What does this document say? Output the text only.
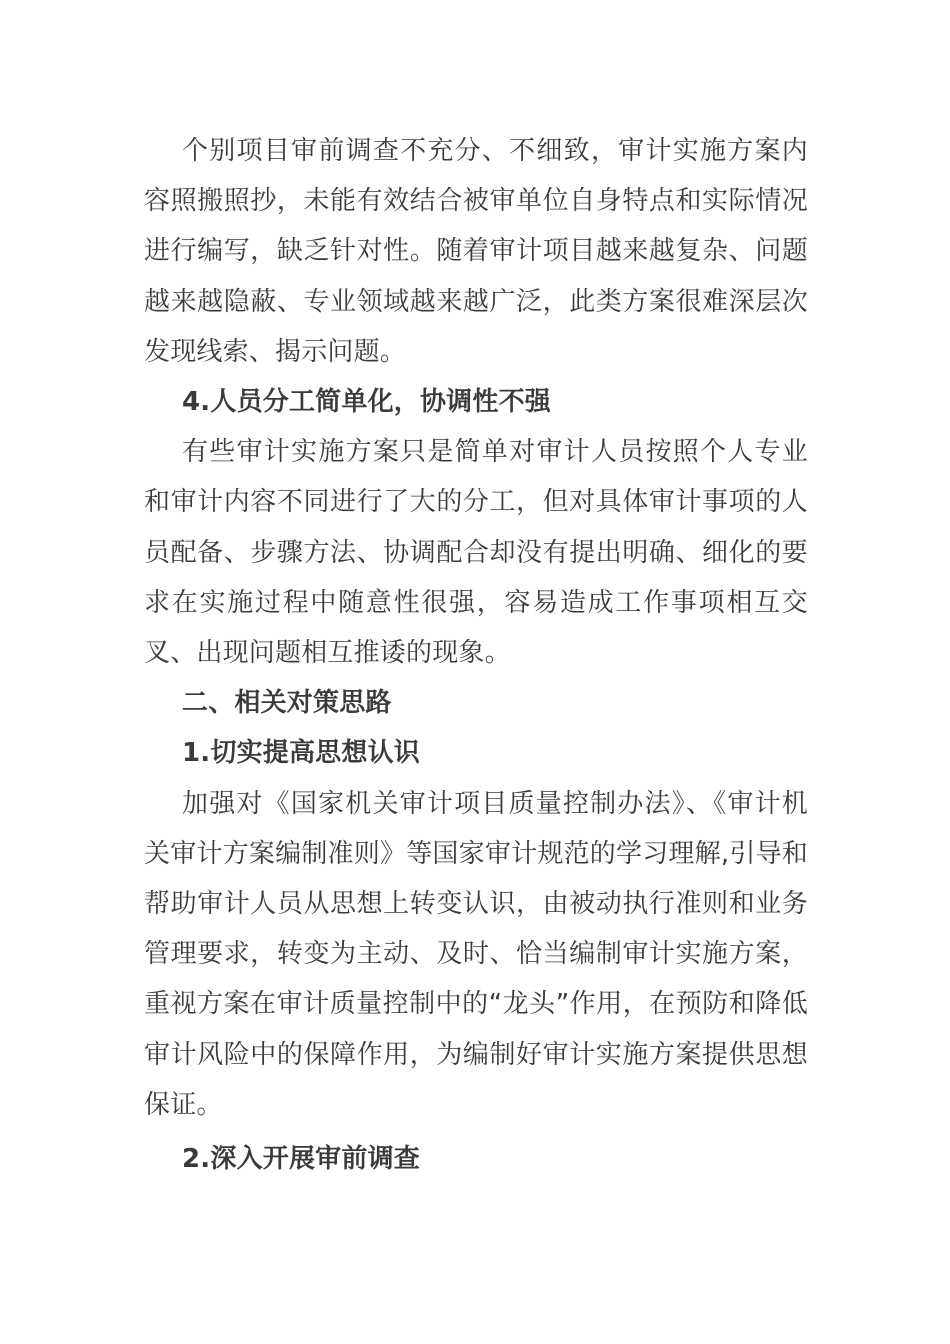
个别项目审前调查不充分、不细致，审计实施方案内容照搬照抄，未能有效结合被审单位自身特点和实际情况进行编写，缺乏针对性。随着审计项目越来越复杂、问题越来越隐蔽、专业领域越来越广泛，此类方案很难深层次发现线索、揭示问题。

4.人员分工简单化，协调性不强

有些审计实施方案只是简单对审计人员按照个人专业和审计内容不同进行了大的分工，但对具体审计事项的人员配备、步骤方法、协调配合却没有提出明确、细化的要求在实施过程中随意性很强，容易造成工作事项相互交叉、出现问题相互推诿的现象。

二、相关对策思路

1.切实提高思想认识

加强对《国家机关审计项目质量控制办法》、《审计机关审计方案编制准则》等国家审计规范的学习理解,引导和帮助审计人员从思想上转变认识，由被动执行准则和业务管理要求，转变为主动、及时、恰当编制审计实施方案，重视方案在审计质量控制中的“龙头”作用，在预防和降低审计风险中的保障作用，为编制好审计实施方案提供思想保证。

2.深入开展审前调查
